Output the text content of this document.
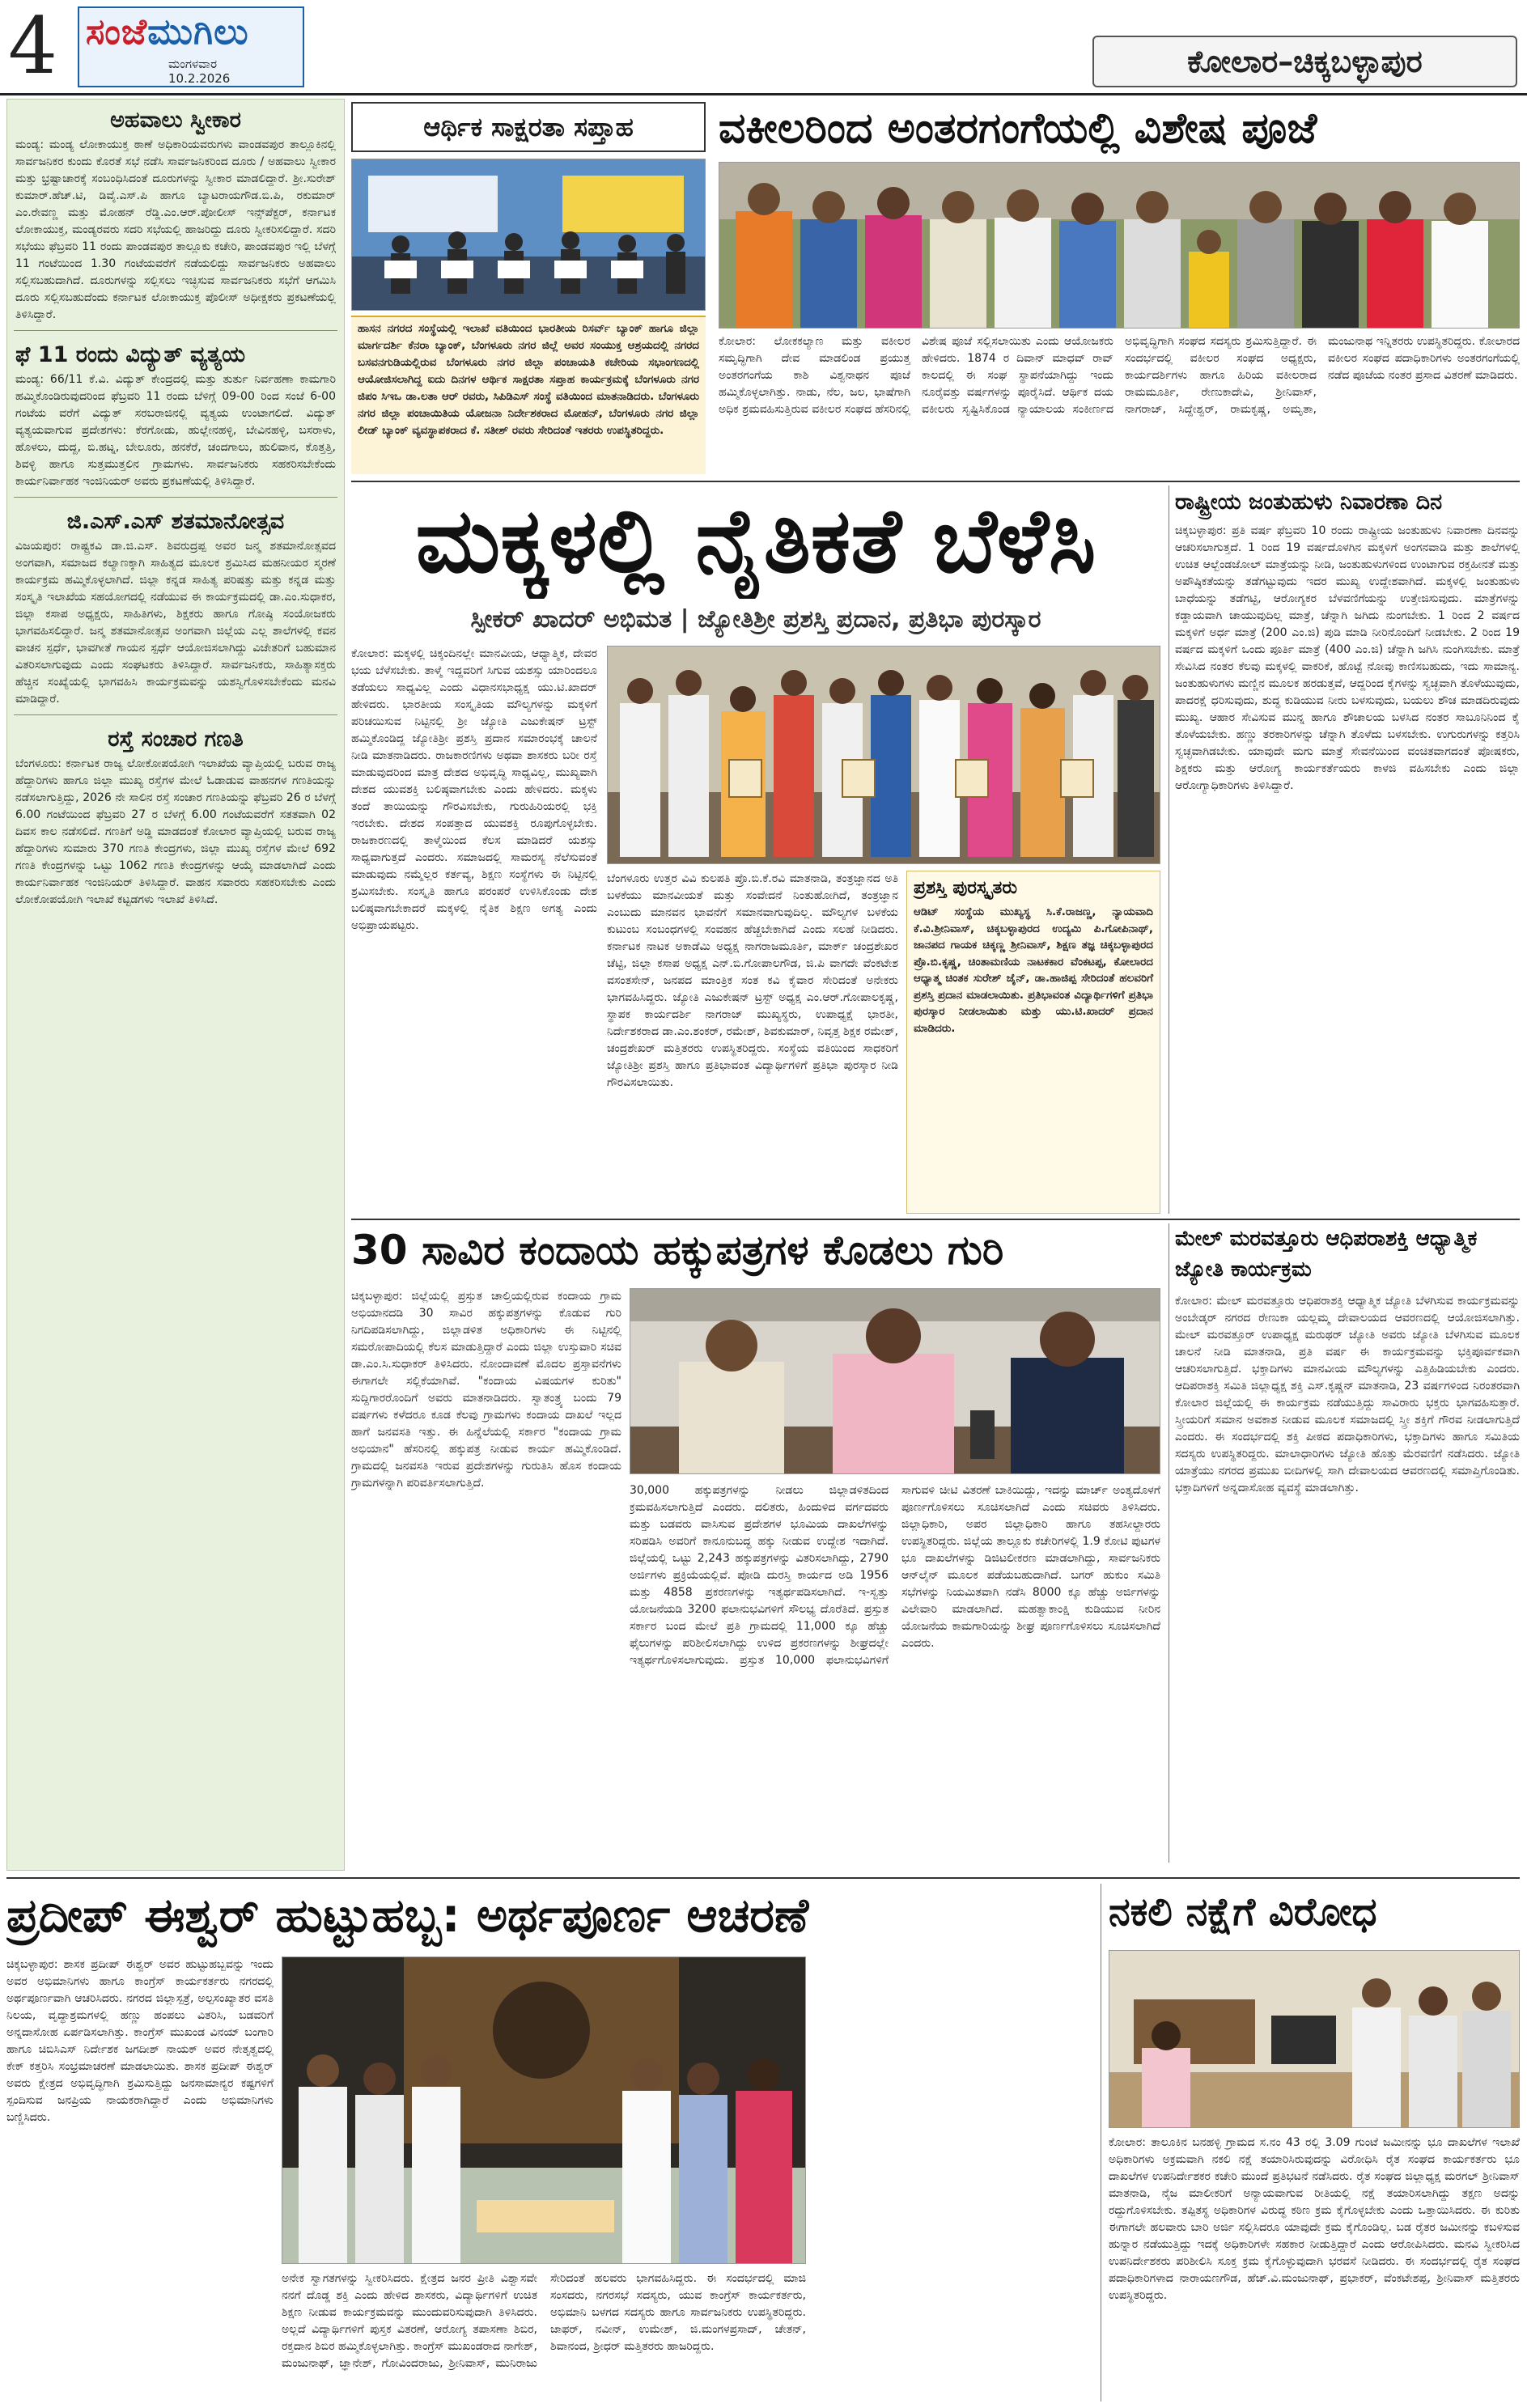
4 ಸಂಜೆಮುಗಿಲು
ಮಂಗಳವಾರ
10.2.2026	ಕೋಲಾರ–ಚಿಕ್ಕಬಳ್ಳಾಪುರ
ಅಹವಾಲು ಸ್ವೀಕಾರ
ಮಂಡ್ಯ: ಮಂಡ್ಯ ಲೋಕಾಯುಕ್ತ ಠಾಣೆ ಅಧಿಕಾರಿಯವರುಗಳು ವಾಂಡವಪುರ ತಾಲ್ಲೂಕಿನಲ್ಲಿ ಸಾರ್ವಜನಿಕರ ಕುಂದು ಕೊರತೆ ಸಭೆ ನಡೆಸಿ ಸಾರ್ವಜನಿಕರಿಂದ ದೂರು / ಅಹವಾಲು ಸ್ವೀಕಾರ ಮತ್ತು ಭ್ರಷ್ಟಾಚಾರಕ್ಕೆ ಸಂಬಂಧಿಸಿದಂತೆ ದೂರುಗಳನ್ನು ಸ್ವೀಕಾರ ಮಾಡಲಿದ್ದಾರೆ. ಶ್ರೀ.ಸುರೇಶ್ ಕುಮಾರ್.ಹೆಚ್.ಟಿ, ಡಿವೈ.ಎಸ್.ಪಿ ಹಾಗೂ ಬ್ಯಾಟರಾಯಗೌಡ.ಬಿ.ಪಿ, ರಕುಮಾರ್ ಎಂ.ರೇವಣ್ಣ ಮತ್ತು ಮೋಹನ್ ರೆಡ್ಡಿ.ಎಂ.ಆರ್.ಪೋಲೀಸ್ ಇನ್ಸ್‌ಪೆಕ್ಟರ್, ಕರ್ನಾಟಕ ಲೋಕಾಯುಕ್ತ, ಮಂಡ್ಯರವರು ಸದರಿ ಸಭೆಯಲ್ಲಿ ಹಾಜರಿದ್ದು ದೂರು ಸ್ವೀಕರಿಸಲಿದ್ದಾರೆ. ಸದರಿ ಸಭೆಯು ಫೆಬ್ರವರಿ 11 ರಂದು ಪಾಂಡವಪುರ ತಾಲ್ಲೂಕು ಕಚೇರಿ, ಪಾಂಡವಪುರ ಇಲ್ಲಿ ಬೆಳಗ್ಗೆ 11 ಗಂಟೆಯಿಂದ 1.30 ಗಂಟೆಯವರೆಗೆ ನಡೆಯಲಿದ್ದು ಸಾರ್ವಜನಿಕರು ಅಹವಾಲು ಸಲ್ಲಿಸಬಹುದಾಗಿದೆ. ದೂರುಗಳನ್ನು ಸಲ್ಲಿಸಲು ಇಚ್ಛಿಸುವ ಸಾರ್ವಜನಿಕರು ಸಭೆಗೆ ಆಗಮಿಸಿ ದೂರು ಸಲ್ಲಿಸಬಹುದೆಂದು ಕರ್ನಾಟಕ ಲೋಕಾಯುಕ್ತ ಪೊಲೀಸ್ ಅಧೀಕ್ಷಕರು ಪ್ರಕಟಣೆಯಲ್ಲಿ ತಿಳಿಸಿದ್ದಾರೆ.
ಫೆ 11 ರಂದು ವಿದ್ಯುತ್ ವ್ಯತ್ಯಯ
ಮಂಡ್ಯ: 66/11 ಕೆ.ವಿ. ವಿದ್ಯುತ್ ಕೇಂದ್ರದಲ್ಲಿ ಮತ್ತು ತುರ್ತು ನಿರ್ವಹಣಾ ಕಾಮಗಾರಿ ಹಮ್ಮಿಕೊಂಡಿರುವುದರಿಂದ ಫೆಬ್ರವರಿ 11 ರಂದು ಬೆಳಿಗ್ಗೆ 09-00 ರಿಂದ ಸಂಜೆ 6-00 ಗಂಟೆಯ ವರೆಗೆ ವಿದ್ಯುತ್ ಸರಬರಾಜಿನಲ್ಲಿ ವ್ಯತ್ಯಯ ಉಂಟಾಗಲಿದೆ. ವಿದ್ಯುತ್ ವ್ಯತ್ಯಯವಾಗುವ ಪ್ರದೇಶಗಳು: ಕೆರಗೋಡು, ಹುಲ್ಲೇನಹಳ್ಳಿ, ಬೇವಿನಹಳ್ಳಿ, ಬಸರಾಳು, ಹೊಳಲು, ದುದ್ದ, ಬಿ.ಹಟ್ನ, ಬೇಲೂರು, ಹನಕೆರೆ, ಚಂದಗಾಲು, ಹುಲಿವಾನ, ಕೊತ್ತತ್ತಿ, ಶಿವಳ್ಳಿ ಹಾಗೂ ಸುತ್ತಮುತ್ತಲಿನ ಗ್ರಾಮಗಳು. ಸಾರ್ವಜನಿಕರು ಸಹಕರಿಸಬೇಕೆಂದು ಕಾರ್ಯನಿರ್ವಾಹಕ ಇಂಜಿನಿಯರ್ ಅವರು ಪ್ರಕಟಣೆಯಲ್ಲಿ ತಿಳಿಸಿದ್ದಾರೆ.
ಜಿ.ಎಸ್.ಎಸ್ ಶತಮಾನೋತ್ಸವ
ವಿಜಯಪುರ: ರಾಷ್ಟ್ರಕವಿ ಡಾ.ಜಿ.ಎಸ್. ಶಿವರುದ್ರಪ್ಪ ಅವರ ಜನ್ಮ ಶತಮಾನೋತ್ಸವದ ಅಂಗವಾಗಿ, ಸಮಾಜದ ಕಲ್ಯಾಣಕ್ಕಾಗಿ ಸಾಹಿತ್ಯದ ಮೂಲಕ ಶ್ರಮಿಸಿದ ಮಹನೀಯರ ಸ್ಮರಣೆ ಕಾರ್ಯಕ್ರಮ ಹಮ್ಮಿಕೊಳ್ಳಲಾಗಿದೆ. ಜಿಲ್ಲಾ ಕನ್ನಡ ಸಾಹಿತ್ಯ ಪರಿಷತ್ತು ಮತ್ತು ಕನ್ನಡ ಮತ್ತು ಸಂಸ್ಕೃತಿ ಇಲಾಖೆಯ ಸಹಯೋಗದಲ್ಲಿ ನಡೆಯುವ ಈ ಕಾರ್ಯಕ್ರಮದಲ್ಲಿ ಡಾ.ಎಂ.ಸುಧಾಕರ, ಜಿಲ್ಲಾ ಕಸಾಪ ಅಧ್ಯಕ್ಷರು, ಸಾಹಿತಿಗಳು, ಶಿಕ್ಷಕರು ಹಾಗೂ ಗೋಷ್ಠಿ ಸಂಯೋಜಕರು ಭಾಗವಹಿಸಲಿದ್ದಾರೆ. ಜನ್ಮ ಶತಮಾನೋತ್ಸವ ಅಂಗವಾಗಿ ಜಿಲ್ಲೆಯ ಎಲ್ಲ ಶಾಲೆಗಳಲ್ಲಿ ಕವನ ವಾಚನ ಸ್ಪರ್ಧೆ, ಭಾವಗೀತೆ ಗಾಯನ ಸ್ಪರ್ಧೆ ಆಯೋಜಿಸಲಾಗಿದ್ದು ವಿಜೇತರಿಗೆ ಬಹುಮಾನ ವಿತರಿಸಲಾಗುವುದು ಎಂದು ಸಂಘಟಕರು ತಿಳಿಸಿದ್ದಾರೆ. ಸಾರ್ವಜನಿಕರು, ಸಾಹಿತ್ಯಾಸಕ್ತರು ಹೆಚ್ಚಿನ ಸಂಖ್ಯೆಯಲ್ಲಿ ಭಾಗವಹಿಸಿ ಕಾರ್ಯಕ್ರಮವನ್ನು ಯಶಸ್ವಿಗೊಳಿಸಬೇಕೆಂದು ಮನವಿ ಮಾಡಿದ್ದಾರೆ.
ರಸ್ತೆ ಸಂಚಾರ ಗಣತಿ
ಬೆಂಗಳೂರು: ಕರ್ನಾಟಕ ರಾಜ್ಯ ಲೋಕೋಪಯೋಗಿ ಇಲಾಖೆಯ ವ್ಯಾಪ್ತಿಯಲ್ಲಿ ಬರುವ ರಾಜ್ಯ ಹೆದ್ದಾರಿಗಳು ಹಾಗೂ ಜಿಲ್ಲಾ ಮುಖ್ಯ ರಸ್ತೆಗಳ ಮೇಲೆ ಓಡಾಡುವ ವಾಹನಗಳ ಗಣತಿಯನ್ನು ನಡೆಸಲಾಗುತ್ತಿದ್ದು, 2026 ನೇ ಸಾಲಿನ ರಸ್ತೆ ಸಂಚಾರ ಗಣತಿಯನ್ನು ಫೆಬ್ರವರಿ 26 ರ ಬೆಳಗ್ಗೆ 6.00 ಗಂಟೆಯಿಂದ ಫೆಬ್ರವರಿ 27 ರ ಬೆಳಗ್ಗೆ 6.00 ಗಂಟೆಯವರೆಗೆ ಸತತವಾಗಿ 02 ದಿವಸ ಕಾಲ ನಡೆಸಲಿದೆ. ಗಣತಿಗೆ ಅಡ್ಡಿ ಮಾಡದಂತೆ ಕೋಲಾರ ವ್ಯಾಪ್ತಿಯಲ್ಲಿ ಬರುವ ರಾಜ್ಯ ಹೆದ್ದಾರಿಗಳು ಸುಮಾರು 370 ಗಣತಿ ಕೇಂದ್ರಗಳು, ಜಿಲ್ಲಾ ಮುಖ್ಯ ರಸ್ತೆಗಳ ಮೇಲೆ 692 ಗಣತಿ ಕೇಂದ್ರಗಳನ್ನು ಒಟ್ಟು 1062 ಗಣತಿ ಕೇಂದ್ರಗಳನ್ನು ಆಯ್ಕೆ ಮಾಡಲಾಗಿದೆ ಎಂದು ಕಾರ್ಯನಿರ್ವಾಹಕ ಇಂಜಿನಿಯರ್ ತಿಳಿಸಿದ್ದಾರೆ. ವಾಹನ ಸವಾರರು ಸಹಕರಿಸಬೇಕು ಎಂದು ಲೋಕೋಪಯೋಗಿ ಇಲಾಖೆ ಕಟ್ಟಡಗಳು ಇಲಾಖೆ ತಿಳಿಸಿದೆ.
ಆರ್ಥಿಕ ಸಾಕ್ಷರತಾ ಸಪ್ತಾಹ
ಹಾಸನ ನಗರದ ಸಂಸ್ಥೆಯಲ್ಲಿ ಇಲಾಖೆ ವತಿಯಿಂದ ಭಾರತೀಯ ರಿಸರ್ವ್ ಬ್ಯಾಂಕ್ ಹಾಗೂ ಜಿಲ್ಲಾ ಮಾರ್ಗದರ್ಶಿ ಕೆನರಾ ಬ್ಯಾಂಕ್, ಬೆಂಗಳೂರು ನಗರ ಜಿಲ್ಲೆ ಅವರ ಸಂಯುಕ್ತ ಆಶ್ರಯದಲ್ಲಿ ನಗರದ ಬಸವನಗುಡಿಯಲ್ಲಿರುವ ಬೆಂಗಳೂರು ನಗರ ಜಿಲ್ಲಾ ಪಂಚಾಯತಿ ಕಚೇರಿಯ ಸಭಾಂಗಣದಲ್ಲಿ ಆಯೋಜಿಸಲಾಗಿದ್ದ ಐದು ದಿನಗಳ ಆರ್ಥಿಕ ಸಾಕ್ಷರತಾ ಸಪ್ತಾಹ ಕಾರ್ಯಕ್ರಮಕ್ಕೆ ಬೆಂಗಳೂರು ನಗರ ಜಿಪಂ ಸಿಇಒ ಡಾ.ಲತಾ ಆರ್ ರವರು, ಸಿಪಿಡಿಎಸ್ ಸಂಸ್ಥೆ ವತಿಯಿಂದ ಮಾತನಾಡಿದರು. ಬೆಂಗಳೂರು ನಗರ ಜಿಲ್ಲಾ ಪಂಚಾಯಿತಿಯ ಯೋಜನಾ ನಿರ್ದೇಶಕರಾದ ಮೋಹನ್, ಬೆಂಗಳೂರು ನಗರ ಜಿಲ್ಲಾ ಲೀಡ್ ಬ್ಯಾಂಕ್ ವ್ಯವಸ್ಥಾಪಕರಾದ ಕೆ. ಸತೀಶ್ ರವರು ಸೇರಿದಂತೆ ಇತರರು ಉಪಸ್ಥಿತರಿದ್ದರು.
ವಕೀಲರಿಂದ ಅಂತರಗಂಗೆಯಲ್ಲಿ ವಿಶೇಷ ಪೂಜೆ
ಕೋಲಾರ: ಲೋಕಕಲ್ಯಾಣ ಮತ್ತು ವಕೀಲರ ಸಮೃದ್ಧಿಗಾಗಿ ದೇವ ಮಾಡಲಿಂಡ ಪ್ರಯುತ್ತ ಅಂತರಗಂಗೆಯ ಕಾಶಿ ವಿಶ್ವನಾಥನ ಪೂಜೆ ಹಮ್ಮಿಕೊಳ್ಳಲಾಗಿತ್ತು. ನಾಡು, ನೆಲ, ಜಲ, ಭಾಷೆಗಾಗಿ ಅಧಿಕ ಶ್ರಮವಹಿಸುತ್ತಿರುವ ವಕೀಲರ ಸಂಘದ ಹೆಸರಿನಲ್ಲಿ ವಿಶೇಷ ಪೂಜೆ ಸಲ್ಲಿಸಲಾಯಿತು ಎಂದು ಆಯೋಜಕರು ಹೇಳಿದರು. 1874 ರ ದಿವಾನ್ ಮಾಧವ್ ರಾವ್ ಕಾಲದಲ್ಲಿ ಈ ಸಂಘ ಸ್ಥಾಪನೆಯಾಗಿದ್ದು ಇಂದು ನೂರೈವತ್ತು ವರ್ಷಗಳನ್ನು ಪೂರೈಸಿದೆ. ಆರ್ಥಿಕ ದಯ ವಕೀಲರು ಸೃಷ್ಟಿಸಿಕೊಂಡ ನ್ಯಾಯಾಲಯ ಸಂಕೀರ್ಣದ ಅಭಿವೃದ್ಧಿಗಾಗಿ ಸಂಘದ ಸದಸ್ಯರು ಶ್ರಮಿಸುತ್ತಿದ್ದಾರೆ. ಈ ಸಂದರ್ಭದಲ್ಲಿ ವಕೀಲರ ಸಂಘದ ಅಧ್ಯಕ್ಷರು, ಕಾರ್ಯದರ್ಶಿಗಳು ಹಾಗೂ ಹಿರಿಯ ವಕೀಲರಾದ ರಾಮಮೂರ್ತಿ, ರೇಣುಕಾದೇವಿ, ಶ್ರೀನಿವಾಸ್, ನಾಗರಾಜ್, ಸಿದ್ದೇಶ್ವರ್, ರಾಮಕೃಷ್ಣ, ಅಮೃತಾ, ಮಂಜುನಾಥ ಇನ್ನಿತರರು ಉಪಸ್ಥಿತರಿದ್ದರು. ಕೋಲಾರದ ವಕೀಲರ ಸಂಘದ ಪದಾಧಿಕಾರಿಗಳು ಅಂತರಗಂಗೆಯಲ್ಲಿ ನಡೆದ ಪೂಜೆಯ ನಂತರ ಪ್ರಸಾದ ವಿತರಣೆ ಮಾಡಿದರು.
ಮಕ್ಕಳಲ್ಲಿ ನೈತಿಕತೆ ಬೆಳೆಸಿ
ಸ್ಪೀಕರ್ ಖಾದರ್ ಅಭಿಮತ | ಜ್ಯೋತಿಶ್ರೀ ಪ್ರಶಸ್ತಿ ಪ್ರದಾನ, ಪ್ರತಿಭಾ ಪುರಸ್ಕಾರ
ಕೋಲಾರ: ಮಕ್ಕಳಲ್ಲಿ ಚಿಕ್ಕಂದಿನಲ್ಲೇ ಮಾನವೀಯ, ಆಧ್ಯಾತ್ಮಿಕ, ದೇವರ ಭಯ ಬೆಳೆಸಬೇಕು. ತಾಳ್ಮೆ ಇದ್ದವರಿಗೆ ಸಿಗುವ ಯಶಸ್ಸು ಯಾರಿಂದಲೂ ತಡೆಯಲು ಸಾಧ್ಯವಿಲ್ಲ ಎಂದು ವಿಧಾನಸಭಾಧ್ಯಕ್ಷ ಯು.ಟಿ.ಖಾದರ್ ಹೇಳಿದರು. ಭಾರತೀಯ ಸಂಸ್ಕೃತಿಯ ಮೌಲ್ಯಗಳನ್ನು ಮಕ್ಕಳಿಗೆ ಪರಿಚಯಿಸುವ ನಿಟ್ಟಿನಲ್ಲಿ ಶ್ರೀ ಜ್ಯೋತಿ ಎಜುಕೇಷನ್ ಟ್ರಸ್ಟ್ ಹಮ್ಮಿಕೊಂಡಿದ್ದ ಜ್ಯೋತಿಶ್ರೀ ಪ್ರಶಸ್ತಿ ಪ್ರದಾನ ಸಮಾರಂಭಕ್ಕೆ ಚಾಲನೆ ನೀಡಿ ಮಾತನಾಡಿದರು. ರಾಜಕಾರಣಿಗಳು ಅಥವಾ ಶಾಸಕರು ಬರೀ ರಸ್ತೆ ಮಾಡುವುದರಿಂದ ಮಾತ್ರ ದೇಶದ ಅಭಿವೃದ್ಧಿ ಸಾಧ್ಯವಿಲ್ಲ, ಮುಖ್ಯವಾಗಿ ದೇಶದ ಯುವಶಕ್ತಿ ಬಲಿಷ್ಠವಾಗಬೇಕು ಎಂದು ಹೇಳಿದರು. ಮಕ್ಕಳು ತಂದೆ ತಾಯಿಯನ್ನು ಗೌರವಿಸಬೇಕು, ಗುರುಹಿರಿಯರಲ್ಲಿ ಭಕ್ತಿ ಇರಬೇಕು. ದೇಶದ ಸಂಪತ್ತಾದ ಯುವಶಕ್ತಿ ರೂಪುಗೊಳ್ಳಬೇಕು. ರಾಜಕಾರಣದಲ್ಲಿ ತಾಳ್ಮೆಯಿಂದ ಕೆಲಸ ಮಾಡಿದರೆ ಯಶಸ್ಸು ಸಾಧ್ಯವಾಗುತ್ತದೆ ಎಂದರು. ಸಮಾಜದಲ್ಲಿ ಸಾಮರಸ್ಯ ನೆಲೆಸುವಂತೆ ಮಾಡುವುದು ನಮ್ಮೆಲ್ಲರ ಕರ್ತವ್ಯ, ಶಿಕ್ಷಣ ಸಂಸ್ಥೆಗಳು ಈ ನಿಟ್ಟಿನಲ್ಲಿ ಶ್ರಮಿಸಬೇಕು. ಸಂಸ್ಕೃತಿ ಹಾಗೂ ಪರಂಪರೆ ಉಳಿಸಿಕೊಂಡು ದೇಶ ಬಲಿಷ್ಠವಾಗಬೇಕಾದರೆ ಮಕ್ಕಳಲ್ಲಿ ನೈತಿಕ ಶಿಕ್ಷಣ ಅಗತ್ಯ ಎಂದು ಅಭಿಪ್ರಾಯಪಟ್ಟರು.
ಬೆಂಗಳೂರು ಉತ್ತರ ವಿವಿ ಕುಲಪತಿ ಪ್ರೊ.ಬಿ.ಕೆ.ರವಿ ಮಾತನಾಡಿ, ತಂತ್ರಜ್ಞಾನದ ಅತಿ ಬಳಕೆಯು ಮಾನವೀಯತೆ ಮತ್ತು ಸಂವೇದನೆ ನಿಂತುಹೋಗಿದೆ, ತಂತ್ರಜ್ಞಾನ ಎಂಬುದು ಮಾನವನ ಭಾವನೆಗೆ ಸಮಾನವಾಗುವುದಿಲ್ಲ. ಮೌಲ್ಯಗಳ ಬಳಕೆಯ ಕುಟುಂಬ ಸಂಬಂಧಗಳಲ್ಲಿ ಸಂವಹನ ಹೆಚ್ಚಬೇಕಾಗಿದೆ ಎಂದು ಸಲಹೆ ನೀಡಿದರು. ಕರ್ನಾಟಕ ನಾಟಕ ಅಕಾಡೆಮಿ ಅಧ್ಯಕ್ಷ ನಾಗರಾಜಮೂರ್ತಿ, ಮಾರ್ಕ್ ಚಂದ್ರಶೇಖರ ಚೆಟ್ಟಿ, ಜಿಲ್ಲಾ ಕಸಾಪ ಅಧ್ಯಕ್ಷ ಎನ್.ಬಿ.ಗೋಪಾಲಗೌಡ, ಜಿ.ಪಿ ವಾಗದೇ ವೆಂಕಟೇಶ ವಸಂತಸೇನ್, ಜನಪದ ಮಾಂತ್ರಿಕ ಸಂತ ಕವಿ ಕೈವಾರ ಸೇರಿದಂತೆ ಅನೇಕರು ಭಾಗವಹಿಸಿದ್ದರು. ಜ್ಯೋತಿ ಎಜುಕೇಷನ್ ಟ್ರಸ್ಟ್ ಅಧ್ಯಕ್ಷ ಎಂ.ಆರ್.ಗೋಪಾಲಕೃಷ್ಣ, ಸ್ಥಾಪಕ ಕಾರ್ಯದರ್ಶಿ ನಾಗರಾಜ್ ಮುಖ್ಯಸ್ಥರು, ಉಪಾಧ್ಯಕ್ಷೆ ಭಾರತೀ, ನಿರ್ದೇಶಕರಾದ ಡಾ.ಎಂ.ಶಂಕರ್, ರಮೇಶ್, ಶಿವಕುಮಾರ್, ನಿವೃತ್ತ ಶಿಕ್ಷಕ ರಮೇಶ್, ಚಂದ್ರಶೇಖರ್ ಮತ್ತಿತರರು ಉಪಸ್ಥಿತರಿದ್ದರು. ಸಂಸ್ಥೆಯ ವತಿಯಿಂದ ಸಾಧಕರಿಗೆ ಜ್ಯೋತಿಶ್ರೀ ಪ್ರಶಸ್ತಿ ಹಾಗೂ ಪ್ರತಿಭಾವಂತ ವಿದ್ಯಾರ್ಥಿಗಳಿಗೆ ಪ್ರತಿಭಾ ಪುರಸ್ಕಾರ ನೀಡಿ ಗೌರವಿಸಲಾಯಿತು.
ಪ್ರಶಸ್ತಿ ಪುರಸ್ಕೃತರು
ಆಡಿಟ್ ಸಂಸ್ಥೆಯ ಮುಖ್ಯಸ್ಥ ಸಿ.ಕೆ.ರಾಜಣ್ಣ, ನ್ಯಾಯವಾದಿ ಕೆ.ವಿ.ಶ್ರೀನಿವಾಸ್, ಚಿಕ್ಕಬಳ್ಳಾಪುರದ ಉದ್ಯಮಿ ಪಿ.ಗೋಪಿನಾಥ್, ಜಾನಪದ ಗಾಯಕ ಚಿಕ್ಕಣ್ಣ ಶ್ರೀನಿವಾಸ್, ಶಿಕ್ಷಣ ತಜ್ಞ ಚಿಕ್ಕಬಳ್ಳಾಪುರದ ಪ್ರೊ.ಬಿ.ಕೃಷ್ಣ, ಚಿಂತಾಮಣಿಯ ನಾಟಕಕಾರ ವೆಂಕಟಪ್ಪ, ಕೋಲಾರದ ಆಧ್ಯಾತ್ಮ ಚಿಂತಕ ಸುರೇಶ್ ಜೈನ್, ಡಾ.ಹಾಜಿಪ್ಪ ಸೇರಿದಂತೆ ಹಲವರಿಗೆ ಪ್ರಶಸ್ತಿ ಪ್ರದಾನ ಮಾಡಲಾಯಿತು. ಪ್ರತಿಭಾವಂತ ವಿದ್ಯಾರ್ಥಿಗಳಿಗೆ ಪ್ರತಿಭಾ ಪುರಸ್ಕಾರ ನೀಡಲಾಯಿತು ಮತ್ತು ಯು.ಟಿ.ಖಾದರ್ ಪ್ರದಾನ ಮಾಡಿದರು.
ರಾಷ್ಟ್ರೀಯ ಜಂತುಹುಳು ನಿವಾರಣಾ ದಿನ
ಚಿಕ್ಕಬಳ್ಳಾಪುರ: ಪ್ರತಿ ವರ್ಷ ಫೆಬ್ರವರಿ 10 ರಂದು ರಾಷ್ಟ್ರೀಯ ಜಂತುಹುಳು ನಿವಾರಣಾ ದಿನವನ್ನು ಆಚರಿಸಲಾಗುತ್ತದೆ. 1 ರಿಂದ 19 ವರ್ಷದೊಳಗಿನ ಮಕ್ಕಳಿಗೆ ಅಂಗನವಾಡಿ ಮತ್ತು ಶಾಲೆಗಳಲ್ಲಿ ಉಚಿತ ಆಲ್ಬೆಂಡಜೋಲ್ ಮಾತ್ರೆಯನ್ನು ನೀಡಿ, ಜಂತುಹುಳುಗಳಿಂದ ಉಂಟಾಗುವ ರಕ್ತಹೀನತೆ ಮತ್ತು ಅಪೌಷ್ಠಿಕತೆಯನ್ನು ತಡೆಗಟ್ಟುವುದು ಇದರ ಮುಖ್ಯ ಉದ್ದೇಶವಾಗಿದೆ. ಮಕ್ಕಳಲ್ಲಿ ಜಂತುಹುಳು ಬಾಧೆಯನ್ನು ತಡೆಗಟ್ಟಿ, ಆರೋಗ್ಯಕರ ಬೆಳವಣಿಗೆಯನ್ನು ಉತ್ತೇಜಿಸುವುದು. ಮಾತ್ರೆಗಳನ್ನು ಕಡ್ಡಾಯವಾಗಿ ಚಾಯುವುದಿಲ್ಲ ಮಾತ್ರೆ, ಚೆನ್ನಾಗಿ ಜಗಿದು ನುಂಗಬೇಕು. 1 ರಿಂದ 2 ವರ್ಷದ ಮಕ್ಕಳಿಗೆ ಅರ್ಧ ಮಾತ್ರೆ (200 ಎಂ.ಜಿ) ಪುಡಿ ಮಾಡಿ ನೀರಿನೊಂದಿಗೆ ನೀಡಬೇಕು. 2 ರಿಂದ 19 ವರ್ಷದ ಮಕ್ಕಳಿಗೆ ಒಂದು ಪೂರ್ತಿ ಮಾತ್ರೆ (400 ಎಂ.ಜಿ) ಚೆನ್ನಾಗಿ ಜಗಿಸಿ ನುಂಗಿಸಬೇಕು. ಮಾತ್ರೆ ಸೇವಿಸಿದ ನಂತರ ಕೆಲವು ಮಕ್ಕಳಲ್ಲಿ ವಾಕರಿಕೆ, ಹೊಟ್ಟೆ ನೋವು ಕಾಣಿಸಬಹುದು, ಇದು ಸಾಮಾನ್ಯ. ಜಂತುಹುಳುಗಳು ಮಣ್ಣಿನ ಮೂಲಕ ಹರಡುತ್ತವೆ, ಆದ್ದರಿಂದ ಕೈಗಳನ್ನು ಸ್ವಚ್ಛವಾಗಿ ತೊಳೆಯುವುದು, ಪಾದರಕ್ಷೆ ಧರಿಸುವುದು, ಶುದ್ಧ ಕುಡಿಯುವ ನೀರು ಬಳಸುವುದು, ಬಯಲು ಶೌಚ ಮಾಡದಿರುವುದು ಮುಖ್ಯ. ಆಹಾರ ಸೇವಿಸುವ ಮುನ್ನ ಹಾಗೂ ಶೌಚಾಲಯ ಬಳಸಿದ ನಂತರ ಸಾಬೂನಿನಿಂದ ಕೈ ತೊಳೆಯಬೇಕು. ಹಣ್ಣು ತರಕಾರಿಗಳನ್ನು ಚೆನ್ನಾಗಿ ತೊಳೆದು ಬಳಸಬೇಕು. ಉಗುರುಗಳನ್ನು ಕತ್ತರಿಸಿ ಸ್ವಚ್ಛವಾಗಿಡಬೇಕು. ಯಾವುದೇ ಮಗು ಮಾತ್ರೆ ಸೇವನೆಯಿಂದ ವಂಚಿತವಾಗದಂತೆ ಪೋಷಕರು, ಶಿಕ್ಷಕರು ಮತ್ತು ಆರೋಗ್ಯ ಕಾರ್ಯಕರ್ತೆಯರು ಕಾಳಜಿ ವಹಿಸಬೇಕು ಎಂದು ಜಿಲ್ಲಾ ಆರೋಗ್ಯಾಧಿಕಾರಿಗಳು ತಿಳಿಸಿದ್ದಾರೆ.
30 ಸಾವಿರ ಕಂದಾಯ ಹಕ್ಕುಪತ್ರಗಳ ಕೊಡಲು ಗುರಿ
ಚಿಕ್ಕಬಳ್ಳಾಪುರ: ಜಿಲ್ಲೆಯಲ್ಲಿ ಪ್ರಸ್ತುತ ಚಾಲ್ತಿಯಲ್ಲಿರುವ ಕಂದಾಯ ಗ್ರಾಮ ಅಭಿಯಾನದಡಿ 30 ಸಾವಿರ ಹಕ್ಕುಪತ್ರಗಳನ್ನು ಕೊಡುವ ಗುರಿ ನಿಗದಿಪಡಿಸಲಾಗಿದ್ದು, ಜಿಲ್ಲಾಡಳಿತ ಅಧಿಕಾರಿಗಳು ಈ ನಿಟ್ಟಿನಲ್ಲಿ ಸಮರೋಪಾದಿಯಲ್ಲಿ ಕೆಲಸ ಮಾಡುತ್ತಿದ್ದಾರೆ ಎಂದು ಜಿಲ್ಲಾ ಉಸ್ತುವಾರಿ ಸಚಿವ ಡಾ.ಎಂ.ಸಿ.ಸುಧಾಕರ್ ತಿಳಿಸಿದರು. ನೋಂದಾವಣೆ ಮೊದಲ ಪ್ರಸ್ತಾವನೆಗಳು ಈಗಾಗಲೇ ಸಲ್ಲಿಕೆಯಾಗಿವೆ. "ಕಂದಾಯ ವಿಷಯಗಳ ಕುರಿತು" ಸುದ್ದಿಗಾರರೊಂದಿಗೆ ಅವರು ಮಾತನಾಡಿದರು. ಸ್ವಾತಂತ್ರ್ಯ ಬಂದು 79 ವರ್ಷಗಳು ಕಳೆದರೂ ಕೂಡ ಕೆಲವು ಗ್ರಾಮಗಳು ಕಂದಾಯ ದಾಖಲೆ ಇಲ್ಲದ ಹಾಗೆ ಜನವಸತಿ ಇತ್ತು. ಈ ಹಿನ್ನೆಲೆಯಲ್ಲಿ ಸರ್ಕಾರ "ಕಂದಾಯ ಗ್ರಾಮ ಅಭಿಯಾನ" ಹೆಸರಿನಲ್ಲಿ ಹಕ್ಕುಪತ್ರ ನೀಡುವ ಕಾರ್ಯ ಹಮ್ಮಿಕೊಂಡಿದೆ. ಗ್ರಾಮದಲ್ಲಿ ಜನವಸತಿ ಇರುವ ಪ್ರದೇಶಗಳನ್ನು ಗುರುತಿಸಿ ಹೊಸ ಕಂದಾಯ ಗ್ರಾಮಗಳನ್ನಾಗಿ ಪರಿವರ್ತಿಸಲಾಗುತ್ತಿದೆ.
30,000 ಹಕ್ಕುಪತ್ರಗಳನ್ನು ನೀಡಲು ಜಿಲ್ಲಾಡಳಿತದಿಂದ ಕ್ರಮವಹಿಸಲಾಗುತ್ತಿದೆ ಎಂದರು. ದಲಿತರು, ಹಿಂದುಳಿದ ವರ್ಗದವರು ಮತ್ತು ಬಡವರು ವಾಸಿಸುವ ಪ್ರದೇಶಗಳ ಭೂಮಿಯ ದಾಖಲೆಗಳನ್ನು ಸರಿಪಡಿಸಿ ಅವರಿಗೆ ಕಾನೂನುಬದ್ಧ ಹಕ್ಕು ನೀಡುವ ಉದ್ದೇಶ ಇದಾಗಿದೆ. ಜಿಲ್ಲೆಯಲ್ಲಿ ಒಟ್ಟು 2,243 ಹಕ್ಕುಪತ್ರಗಳನ್ನು ವಿತರಿಸಲಾಗಿದ್ದು, 2790 ಅರ್ಜಿಗಳು ಪ್ರಕ್ರಿಯೆಯಲ್ಲಿವೆ. ಪೋಡಿ ದುರಸ್ತಿ ಕಾರ್ಯದ ಅಡಿ 1956 ಮತ್ತು 4858 ಪ್ರಕರಣಗಳನ್ನು ಇತ್ಯರ್ಥಪಡಿಸಲಾಗಿದೆ. ಇ-ಸ್ವತ್ತು ಯೋಜನೆಯಡಿ 3200 ಫಲಾನುಭವಿಗಳಿಗೆ ಸೌಲಭ್ಯ ದೊರೆತಿದೆ. ಪ್ರಸ್ತುತ ಸರ್ಕಾರ ಬಂದ ಮೇಲೆ ಪ್ರತಿ ಗ್ರಾಮದಲ್ಲಿ 11,000 ಕ್ಕೂ ಹೆಚ್ಚು ಫೈಲುಗಳನ್ನು ಪರಿಶೀಲಿಸಲಾಗಿದ್ದು ಉಳಿದ ಪ್ರಕರಣಗಳನ್ನು ಶೀಘ್ರದಲ್ಲೇ ಇತ್ಯರ್ಥಗೊಳಿಸಲಾಗುವುದು. ಪ್ರಸ್ತುತ 10,000 ಫಲಾನುಭವಿಗಳಿಗೆ ಸಾಗುವಳಿ ಚೀಟಿ ವಿತರಣೆ ಬಾಕಿಯಿದ್ದು, ಇದನ್ನು ಮಾರ್ಚ್ ಅಂತ್ಯದೊಳಗೆ ಪೂರ್ಣಗೊಳಿಸಲು ಸೂಚಿಸಲಾಗಿದೆ ಎಂದು ಸಚಿವರು ತಿಳಿಸಿದರು. ಜಿಲ್ಲಾಧಿಕಾರಿ, ಅಪರ ಜಿಲ್ಲಾಧಿಕಾರಿ ಹಾಗೂ ತಹಸೀಲ್ದಾರರು ಉಪಸ್ಥಿತರಿದ್ದರು. ಜಿಲ್ಲೆಯ ತಾಲ್ಲೂಕು ಕಚೇರಿಗಳಲ್ಲಿ 1.9 ಕೋಟಿ ಪುಟಗಳ ಭೂ ದಾಖಲೆಗಳನ್ನು ಡಿಜಿಟಲೀಕರಣ ಮಾಡಲಾಗಿದ್ದು, ಸಾರ್ವಜನಿಕರು ಆನ್‌ಲೈನ್ ಮೂಲಕ ಪಡೆಯಬಹುದಾಗಿದೆ. ಬಗರ್ ಹುಕುಂ ಸಮಿತಿ ಸಭೆಗಳನ್ನು ನಿಯಮಿತವಾಗಿ ನಡೆಸಿ 8000 ಕ್ಕೂ ಹೆಚ್ಚು ಅರ್ಜಿಗಳನ್ನು ವಿಲೇವಾರಿ ಮಾಡಲಾಗಿದೆ. ಮಹತ್ವಾಕಾಂಕ್ಷಿ ಕುಡಿಯುವ ನೀರಿನ ಯೋಜನೆಯ ಕಾಮಗಾರಿಯನ್ನು ಶೀಘ್ರ ಪೂರ್ಣಗೊಳಿಸಲು ಸೂಚಿಸಲಾಗಿದೆ ಎಂದರು.
ಮೇಲ್ ಮರವತ್ತೂರು ಆಧಿಪರಾಶಕ್ತಿ ಆಧ್ಯಾತ್ಮಿಕ ಜ್ಯೋತಿ ಕಾರ್ಯಕ್ರಮ
ಕೋಲಾರ: ಮೇಲ್ ಮರವತ್ತೂರು ಆಧಿಪರಾಶಕ್ತಿ ಆಧ್ಯಾತ್ಮಿಕ ಜ್ಯೋತಿ ಬೆಳಗಿಸುವ ಕಾರ್ಯಕ್ರಮವನ್ನು ಅಂಬೇಡ್ಕರ್ ನಗರದ ರೇಣುಕಾ ಯಲ್ಲಮ್ಮ ದೇವಾಲಯದ ಆವರಣದಲ್ಲಿ ಆಯೋಜಿಸಲಾಗಿತ್ತು. ಮೇಲ್ ಮರವತ್ತೂರ್ ಉಪಾಧ್ಯಕ್ಷ ಮರುಥರ್ ಜ್ಯೋತಿ ಅವರು ಜ್ಯೋತಿ ಬೆಳಗಿಸುವ ಮೂಲಕ ಚಾಲನೆ ನೀಡಿ ಮಾತನಾಡಿ, ಪ್ರತಿ ವರ್ಷ ಈ ಕಾರ್ಯಕ್ರಮವನ್ನು ಭಕ್ತಿಪೂರ್ವಕವಾಗಿ ಆಚರಿಸಲಾಗುತ್ತಿದೆ. ಭಕ್ತಾದಿಗಳು ಮಾನವೀಯ ಮೌಲ್ಯಗಳನ್ನು ಎತ್ತಿಹಿಡಿಯಬೇಕು ಎಂದರು. ಆದಿಪರಾಶಕ್ತಿ ಸಮಿತಿ ಜಿಲ್ಲಾಧ್ಯಕ್ಷ ಶಕ್ತಿ ಎಸ್.ಕೃಷ್ಣನ್ ಮಾತನಾಡಿ, 23 ವರ್ಷಗಳಿಂದ ನಿರಂತರವಾಗಿ ಕೋಲಾರ ಜಿಲ್ಲೆಯಲ್ಲಿ ಈ ಕಾರ್ಯಕ್ರಮ ನಡೆಯುತ್ತಿದ್ದು ಸಾವಿರಾರು ಭಕ್ತರು ಭಾಗವಹಿಸುತ್ತಾರೆ. ಸ್ತ್ರೀಯರಿಗೆ ಸಮಾನ ಅವಕಾಶ ನೀಡುವ ಮೂಲಕ ಸಮಾಜದಲ್ಲಿ ಸ್ತ್ರೀ ಶಕ್ತಿಗೆ ಗೌರವ ನೀಡಲಾಗುತ್ತಿದೆ ಎಂದರು. ಈ ಸಂದರ್ಭದಲ್ಲಿ ಶಕ್ತಿ ಪೀಠದ ಪದಾಧಿಕಾರಿಗಳು, ಭಕ್ತಾದಿಗಳು ಹಾಗೂ ಸಮಿತಿಯ ಸದಸ್ಯರು ಉಪಸ್ಥಿತರಿದ್ದರು. ಮಾಲಾಧಾರಿಗಳು ಜ್ಯೋತಿ ಹೊತ್ತು ಮೆರವಣಿಗೆ ನಡೆಸಿದರು. ಜ್ಯೋತಿ ಯಾತ್ರೆಯು ನಗರದ ಪ್ರಮುಖ ಬೀದಿಗಳಲ್ಲಿ ಸಾಗಿ ದೇವಾಲಯದ ಆವರಣದಲ್ಲಿ ಸಮಾಪ್ತಿಗೊಂಡಿತು. ಭಕ್ತಾದಿಗಳಿಗೆ ಅನ್ನದಾಸೋಹ ವ್ಯವಸ್ಥೆ ಮಾಡಲಾಗಿತ್ತು.
ಪ್ರದೀಪ್ ಈಶ್ವರ್ ಹುಟ್ಟುಹಬ್ಬ: ಅರ್ಥಪೂರ್ಣ ಆಚರಣೆ
ಚಿಕ್ಕಬಳ್ಳಾಪುರ: ಶಾಸಕ ಪ್ರದೀಪ್ ಈಶ್ವರ್ ಅವರ ಹುಟ್ಟುಹಬ್ಬವನ್ನು ಇಂದು ಅವರ ಅಭಿಮಾನಿಗಳು ಹಾಗೂ ಕಾಂಗ್ರೆಸ್ ಕಾರ್ಯಕರ್ತರು ನಗರದಲ್ಲಿ ಅರ್ಥಪೂರ್ಣವಾಗಿ ಆಚರಿಸಿದರು. ನಗರದ ಜಿಲ್ಲಾಸ್ಪತ್ರೆ, ಅಲ್ಪಸಂಖ್ಯಾತರ ವಸತಿ ನಿಲಯ, ವೃದ್ಧಾಶ್ರಮಗಳಲ್ಲಿ ಹಣ್ಣು ಹಂಪಲು ವಿತರಿಸಿ, ಬಡವರಿಗೆ ಅನ್ನದಾಸೋಹ ಏರ್ಪಡಿಸಲಾಗಿತ್ತು. ಕಾಂಗ್ರೆಸ್ ಮುಖಂಡ ವಿನಯ್ ಬಂಗಾರಿ ಹಾಗೂ ಚಿಬಿಸಿಎಸ್ ನಿರ್ದೇಶಕ ಜಗದೀಶ್ ನಾಯಕ್ ಅವರ ನೇತೃತ್ವದಲ್ಲಿ ಕೇಕ್ ಕತ್ತರಿಸಿ ಸಂಭ್ರಮಾಚರಣೆ ಮಾಡಲಾಯಿತು. ಶಾಸಕ ಪ್ರದೀಪ್ ಈಶ್ವರ್ ಅವರು ಕ್ಷೇತ್ರದ ಅಭಿವೃದ್ಧಿಗಾಗಿ ಶ್ರಮಿಸುತ್ತಿದ್ದು ಜನಸಾಮಾನ್ಯರ ಕಷ್ಟಗಳಿಗೆ ಸ್ಪಂದಿಸುವ ಜನಪ್ರಿಯ ನಾಯಕರಾಗಿದ್ದಾರೆ ಎಂದು ಅಭಿಮಾನಿಗಳು ಬಣ್ಣಿಸಿದರು.
ಅನೇಕ ಸ್ವಾಗತಗಳನ್ನು ಸ್ವೀಕರಿಸಿದರು. ಕ್ಷೇತ್ರದ ಜನರ ಪ್ರೀತಿ ವಿಶ್ವಾಸವೇ ನನಗೆ ದೊಡ್ಡ ಶಕ್ತಿ ಎಂದು ಹೇಳಿದ ಶಾಸಕರು, ವಿದ್ಯಾರ್ಥಿಗಳಿಗೆ ಉಚಿತ ಶಿಕ್ಷಣ ನೀಡುವ ಕಾರ್ಯಕ್ರಮವನ್ನು ಮುಂದುವರಿಸುವುದಾಗಿ ತಿಳಿಸಿದರು. ಅಲ್ಲದೆ ವಿದ್ಯಾರ್ಥಿಗಳಿಗೆ ಪುಸ್ತಕ ವಿತರಣೆ, ಆರೋಗ್ಯ ತಪಾಸಣಾ ಶಿಬಿರ, ರಕ್ತದಾನ ಶಿಬಿರ ಹಮ್ಮಿಕೊಳ್ಳಲಾಗಿತ್ತು. ಕಾಂಗ್ರೆಸ್ ಮುಖಂಡರಾದ ನಾಗೇಶ್, ಮಂಜುನಾಥ್, ಜ್ಞಾನೇಶ್, ಗೋವಿಂದರಾಜು, ಶ್ರೀನಿವಾಸ್, ಮುನಿರಾಜು ಸೇರಿದಂತೆ ಹಲವರು ಭಾಗವಹಿಸಿದ್ದರು. ಈ ಸಂದರ್ಭದಲ್ಲಿ ಮಾಜಿ ಸಂಸದರು, ನಗರಸಭೆ ಸದಸ್ಯರು, ಯುವ ಕಾಂಗ್ರೆಸ್ ಕಾರ್ಯಕರ್ತರು, ಅಭಿಮಾನಿ ಬಳಗದ ಸದಸ್ಯರು ಹಾಗೂ ಸಾರ್ವಜನಿಕರು ಉಪಸ್ಥಿತರಿದ್ದರು. ಜಾಫರ್, ನವೀನ್, ಉಮೇಶ್, ಜಿ.ಮಂಗಳಪ್ರಸಾದ್, ಚೇತನ್, ಶಿವಾನಂದ, ಶ್ರೀಧರ್ ಮತ್ತಿತರರು ಹಾಜರಿದ್ದರು.
ನಕಲಿ ನಕ್ಷೆಗೆ ವಿರೋಧ
ಕೋಲಾರ: ತಾಲೂಕಿನ ಬನಹಳ್ಳಿ ಗ್ರಾಮದ ಸ.ನಂ 43 ರಲ್ಲಿ 3.09 ಗುಂಟೆ ಜಮೀನನ್ನು ಭೂ ದಾಖಲೆಗಳ ಇಲಾಖೆ ಅಧಿಕಾರಿಗಳು ಅಕ್ರಮವಾಗಿ ನಕಲಿ ನಕ್ಷೆ ತಯಾರಿಸಿರುವುದನ್ನು ವಿರೋಧಿಸಿ ರೈತ ಸಂಘದ ಕಾರ್ಯಕರ್ತರು ಭೂ ದಾಖಲೆಗಳ ಉಪನಿರ್ದೇಶಕರ ಕಚೇರಿ ಮುಂದೆ ಪ್ರತಿಭಟನೆ ನಡೆಸಿದರು. ರೈತ ಸಂಘದ ಜಿಲ್ಲಾಧ್ಯಕ್ಷ ಮರಗಲ್ ಶ್ರೀನಿವಾಸ್ ಮಾತನಾಡಿ, ನೈಜ ಮಾಲೀಕರಿಗೆ ಅನ್ಯಾಯವಾಗುವ ರೀತಿಯಲ್ಲಿ ನಕ್ಷೆ ತಯಾರಿಸಲಾಗಿದ್ದು ತಕ್ಷಣ ಅದನ್ನು ರದ್ದುಗೊಳಿಸಬೇಕು. ತಪ್ಪಿತಸ್ಥ ಅಧಿಕಾರಿಗಳ ವಿರುದ್ಧ ಕಠಿಣ ಕ್ರಮ ಕೈಗೊಳ್ಳಬೇಕು ಎಂದು ಒತ್ತಾಯಿಸಿದರು. ಈ ಕುರಿತು ಈಗಾಗಲೇ ಹಲವಾರು ಬಾರಿ ಅರ್ಜಿ ಸಲ್ಲಿಸಿದರೂ ಯಾವುದೇ ಕ್ರಮ ಕೈಗೊಂಡಿಲ್ಲ. ಬಡ ರೈತರ ಜಮೀನನ್ನು ಕಬಳಿಸುವ ಹುನ್ನಾರ ನಡೆಯುತ್ತಿದ್ದು ಇದಕ್ಕೆ ಅಧಿಕಾರಿಗಳೇ ಸಹಕಾರ ನೀಡುತ್ತಿದ್ದಾರೆ ಎಂದು ಆರೋಪಿಸಿದರು. ಮನವಿ ಸ್ವೀಕರಿಸಿದ ಉಪನಿರ್ದೇಶಕರು ಪರಿಶೀಲಿಸಿ ಸೂಕ್ತ ಕ್ರಮ ಕೈಗೊಳ್ಳುವುದಾಗಿ ಭರವಸೆ ನೀಡಿದರು. ಈ ಸಂದರ್ಭದಲ್ಲಿ ರೈತ ಸಂಘದ ಪದಾಧಿಕಾರಿಗಳಾದ ನಾರಾಯಣಗೌಡ, ಹೆಚ್.ವಿ.ಮಂಜುನಾಥ್, ಪ್ರಭಾಕರ್, ವೆಂಕಟೇಶಪ್ಪ, ಶ್ರೀನಿವಾಸ್ ಮತ್ತಿತರರು ಉಪಸ್ಥಿತರಿದ್ದರು.
